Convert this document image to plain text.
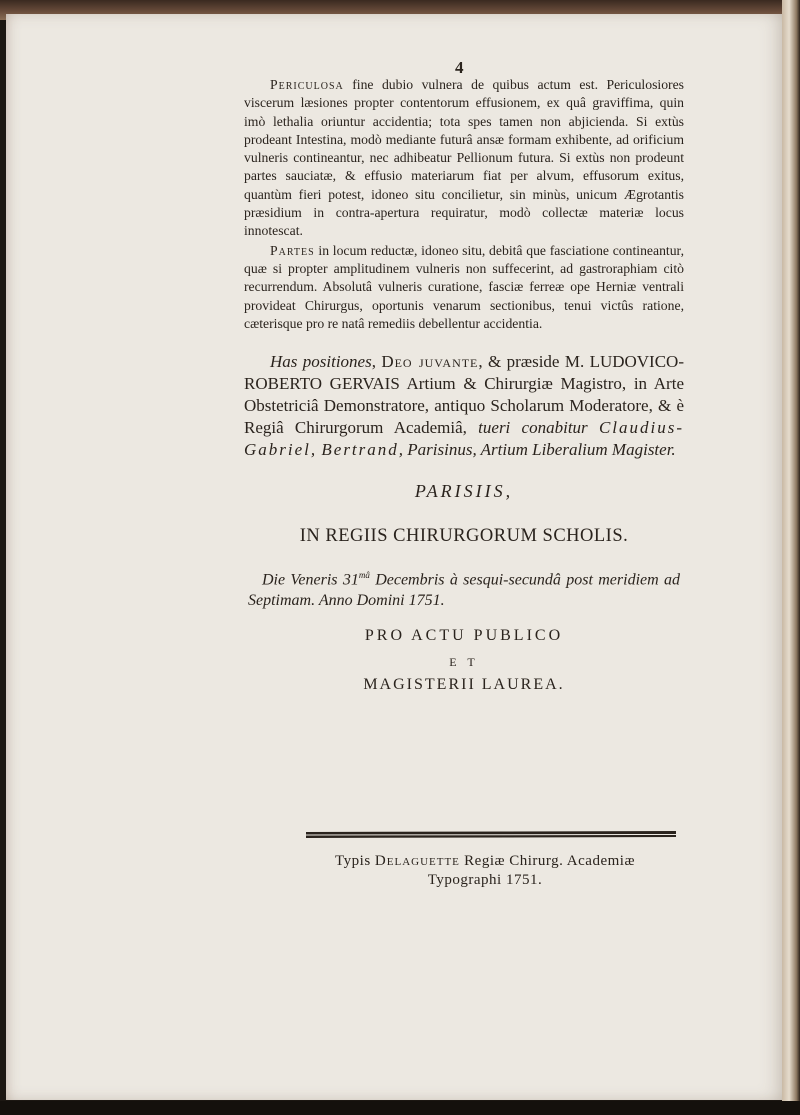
4

Periculosa fine dubio vulnera de quibus actum est. Periculosiores viscerum læsiones propter contentorum effusionem, ex quâ graviffima, quin imò lethalia oriuntur accidentia; tota spes tamen non abjicienda. Si extùs prodeant Intestina, modò mediante futurâ ansæ formam exhibente, ad orificium vulneris contineantur, nec adhibeatur Pellionum futura. Si extùs non prodeunt partes sauciatæ, & effusio materiarum fiat per alvum, effusorum exitus, quantùm fieri potest, idoneo situ concilietur, sin minùs, unicum Ægrotantis præsidium in contra-apertura requiratur, modò collectæ materiæ locus innotescat.

Partes in locum reductæ, idoneo situ, debitâ que fasciatione contineantur, quæ si propter amplitudinem vulneris non suffecerint, ad gastroraphiam citò recurrendum. Absolutâ vulneris curatione, fasciæ ferreæ ope Herniæ ventrali provideat Chirurgus, oportunis venarum sectionibus, tenui victûs ratione, cæterisque pro re natâ remediis debellentur accidentia.

Has positiones, Deo juvante, & præside M. LUDOVICO-ROBERTO GERVAIS Artium & Chirurgiæ Magistro, in Arte Obstetriciâ Demonstratore, antiquo Scholarum Moderatore, & è Regiâ Chirurgorum Academiâ, tueri conabitur Claudius-Gabriel, Bertrand, Parisinus, Artium Liberalium Magister.

PARISIIS,
IN REGIIS CHIRURGORUM SCHOLIS.

Die Veneris $31^{mâ}$ Decembris à sesqui-secundâ post meridiem ad Septimam. Anno Domini 1751.

PRO ACTU PUBLICO
E T
MAGISTERII LAUREA.
Typis Delaguette Regiæ Chirurg. Academiæ
Typographi 1751.
